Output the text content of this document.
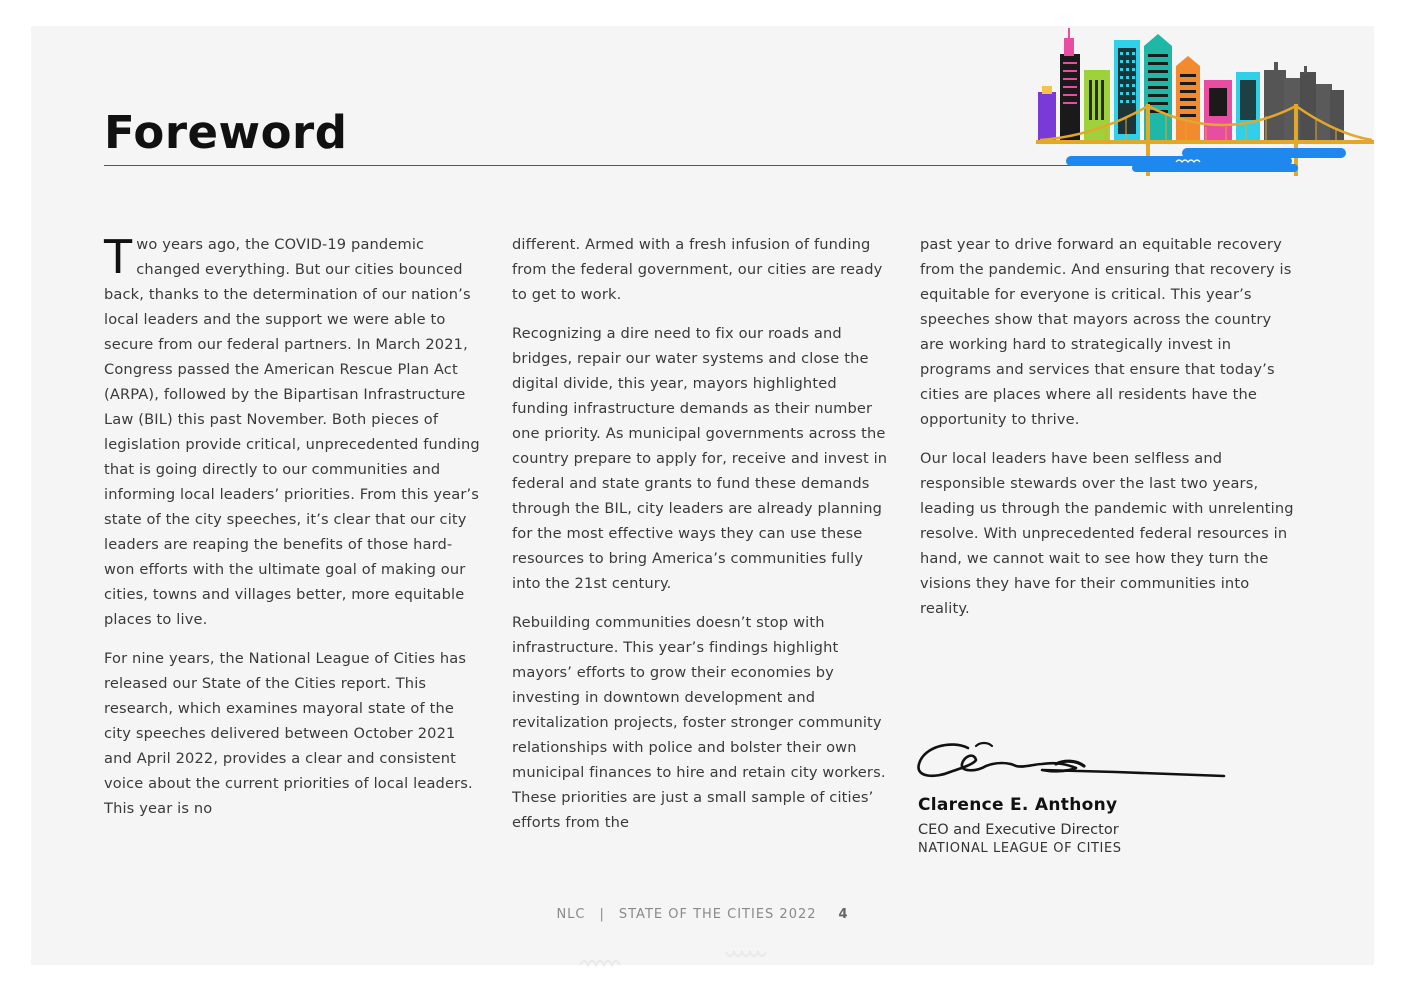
Foreword

Two years ago, the COVID-19 pandemic changed everything. But our cities bounced back, thanks to the determination of our nation’s local leaders and the support we were able to secure from our federal partners. In March 2021, Congress passed the American Rescue Plan Act (ARPA), followed by the Bipartisan Infrastructure Law (BIL) this past November. Both pieces of legislation provide critical, unprecedented funding that is going directly to our communities and informing local leaders’ priorities. From this year’s state of the city speeches, it’s clear that our city leaders are reaping the benefits of those hard-won efforts with the ultimate goal of making our cities, towns and villages better, more equitable places to live.

For nine years, the National League of Cities has released our State of the Cities report. This research, which examines mayoral state of the city speeches delivered between October 2021 and April 2022, provides a clear and consistent voice about the current priorities of local leaders. This year is no

different. Armed with a fresh infusion of funding from the federal government, our cities are ready to get to work.

Recognizing a dire need to fix our roads and bridges, repair our water systems and close the digital divide, this year, mayors highlighted funding infrastructure demands as their number one priority. As municipal governments across the country prepare to apply for, receive and invest in federal and state grants to fund these demands through the BIL, city leaders are already planning for the most effective ways they can use these resources to bring America’s communities fully into the 21st century.

Rebuilding communities doesn’t stop with infrastructure. This year’s findings highlight mayors’ efforts to grow their economies by investing in downtown development and revitalization projects, foster stronger community relationships with police and bolster their own municipal finances to hire and retain city workers. These priorities are just a small sample of cities’ efforts from the

past year to drive forward an equitable recovery from the pandemic. And ensuring that recovery is equitable for everyone is critical. This year’s speeches show that mayors across the country are working hard to strategically invest in programs and services that ensure that today’s cities are places where all residents have the opportunity to thrive.

Our local leaders have been selfless and responsible stewards over the last two years, leading us through the pandemic with unrelenting resolve. With unprecedented federal resources in hand, we cannot wait to see how they turn the visions they have for their communities into reality.

Clarence E. Anthony
CEO and Executive Director
NATIONAL LEAGUE OF CITIES
NLC | STATE OF THE CITIES 2022 4
